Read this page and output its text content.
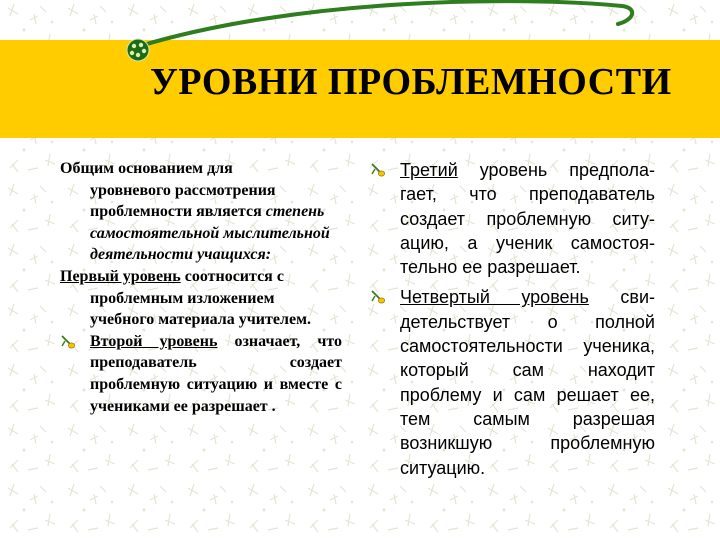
УРОВНИ ПРОБЛЕМНОСТИ

Общим основанием для
уровневого рассмотрения проблемности является степень самостоятельной мыслительной деятельности учащихся:

Первый уровень соотносится с
проблемным изложением учебного материала учителем.

Второй уровень означает, что преподаватель создает проблемную ситуацию и вместе с учениками ее разрешает .
Третий уровень предпола-гает, что преподаватель создает проблемную ситу-ацию, а ученик самостоя-тельно ее разрешает.
Четвертый уровень сви-детельствует о полной самостоятельности ученика, который сам находит проблему и сам решает ее, тем самым разрешая возникшую проблемную ситуацию.
